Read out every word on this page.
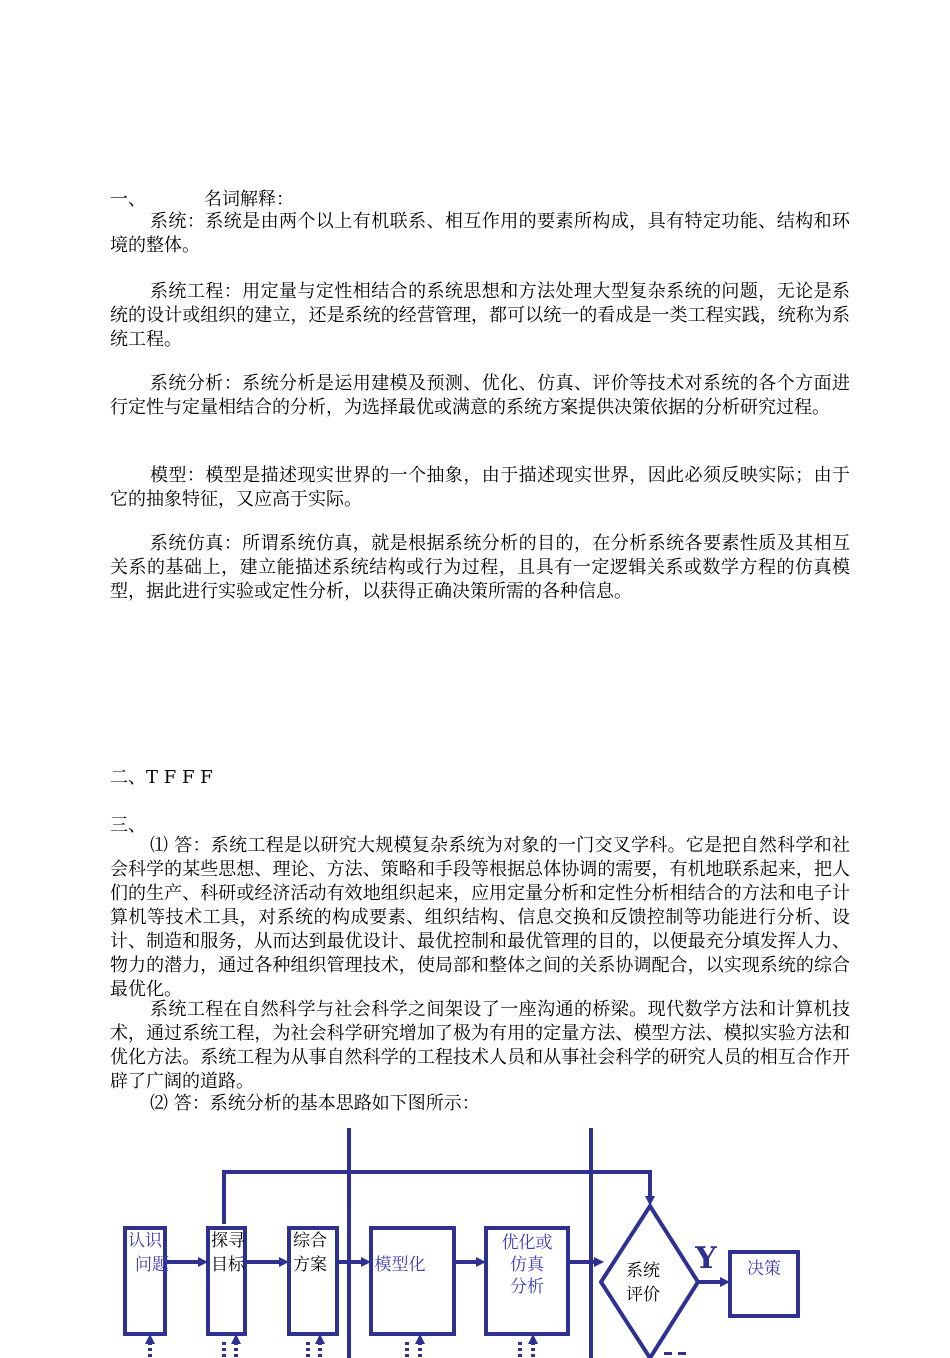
一、	名词解释：

系统：系统是由两个以上有机联系、相互作用的要素所构成，具有特定功能、结构和环境的整体。

系统工程：用定量与定性相结合的系统思想和方法处理大型复杂系统的问题，无论是系统的设计或组织的建立，还是系统的经营管理，都可以统一的看成是一类工程实践，统称为系统工程。

系统分析：系统分析是运用建模及预测、优化、仿真、评价等技术对系统的各个方面进行定性与定量相结合的分析，为选择最优或满意的系统方案提供决策依据的分析研究过程。

模型：模型是描述现实世界的一个抽象，由于描述现实世界，因此必须反映实际；由于它的抽象特征，又应高于实际。

系统仿真：所谓系统仿真，就是根据系统分析的目的，在分析系统各要素性质及其相互关系的基础上，建立能描述系统结构或行为过程，且具有一定逻辑关系或数学方程的仿真模型，据此进行实验或定性分析，以获得正确决策所需的各种信息。

二、T F F F
三、

⑴ 答：系统工程是以研究大规模复杂系统为对象的一门交叉学科。它是把自然科学和社会科学的某些思想、理论、方法、策略和手段等根据总体协调的需要，有机地联系起来，把人们的生产、科研或经济活动有效地组织起来，应用定量分析和定性分析相结合的方法和电子计算机等技术工具，对系统的构成要素、组织结构、信息交换和反馈控制等功能进行分析、设计、制造和服务，从而达到最优设计、最优控制和最优管理的目的，以便最充分填发挥人力、物力的潜力，通过各种组织管理技术，使局部和整体之间的关系协调配合，以实现系统的综合最优化。

系统工程在自然科学与社会科学之间架设了一座沟通的桥梁。现代数学方法和计算机技术，通过系统工程，为社会科学研究增加了极为有用的定量方法、模型方法、模拟实验方法和优化方法。系统工程为从事自然科学的工程技术人员和从事社会科学的研究人员的相互合作开辟了广阔的道路。

⑵ 答：系统分析的基本思路如下图所示：

认识
问题
探寻
目标
综合
方案	系统
评价
模型化
优化或
仿真
分析
决策
Y
